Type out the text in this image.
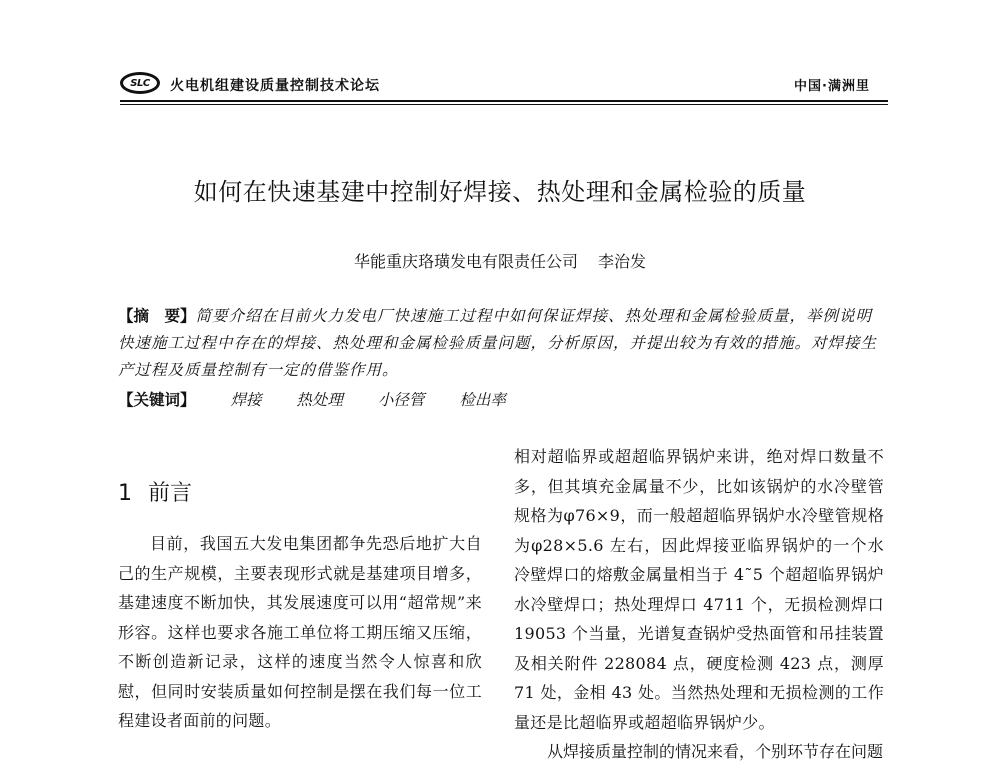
SLC 火电机组建设质量控制技术论坛	中国·满洲里
如何在快速基建中控制好焊接、热处理和金属检验的质量
华能重庆珞璜发电有限责任公司 李治发
【摘　要】简要介绍在目前火力发电厂快速施工过程中如何保证焊接、热处理和金属检验质量，举例说明快速施工过程中存在的焊接、热处理和金属检验质量问题，分析原因，并提出较为有效的措施。对焊接生产过程及质量控制有一定的借鉴作用。
【关键词】 焊接 热处理 小径管 检出率
1 前言

目前，我国五大发电集团都争先恐后地扩大自己的生产规模，主要表现形式就是基建项目增多，基建速度不断加快，其发展速度可以用“超常规”来形容。这样也要求各施工单位将工期压缩又压缩，不断创造新记录，这样的速度当然令人惊喜和欣慰，但同时安装质量如何控制是摆在我们每一位工程建设者面前的问题。

相对超临界或超超临界锅炉来讲，绝对焊口数量不多，但其填充金属量不少，比如该锅炉的水冷壁管规格为φ76×9，而一般超超临界锅炉水冷壁管规格为φ28×5.6 左右，因此焊接亚临界锅炉的一个水冷壁焊口的熔敷金属量相当于 4˜5 个超超临界锅炉水冷壁焊口；热处理焊口 4711 个，无损检测焊口 19053 个当量，光谱复查锅炉受热面管和吊挂装置及相关附件 228084 点，硬度检测 423 点，测厚 71 处，金相 43 处。当然热处理和无损检测的工作量还是比超临界或超超临界锅炉少。

从焊接质量控制的情况来看，个别环节存在问题
